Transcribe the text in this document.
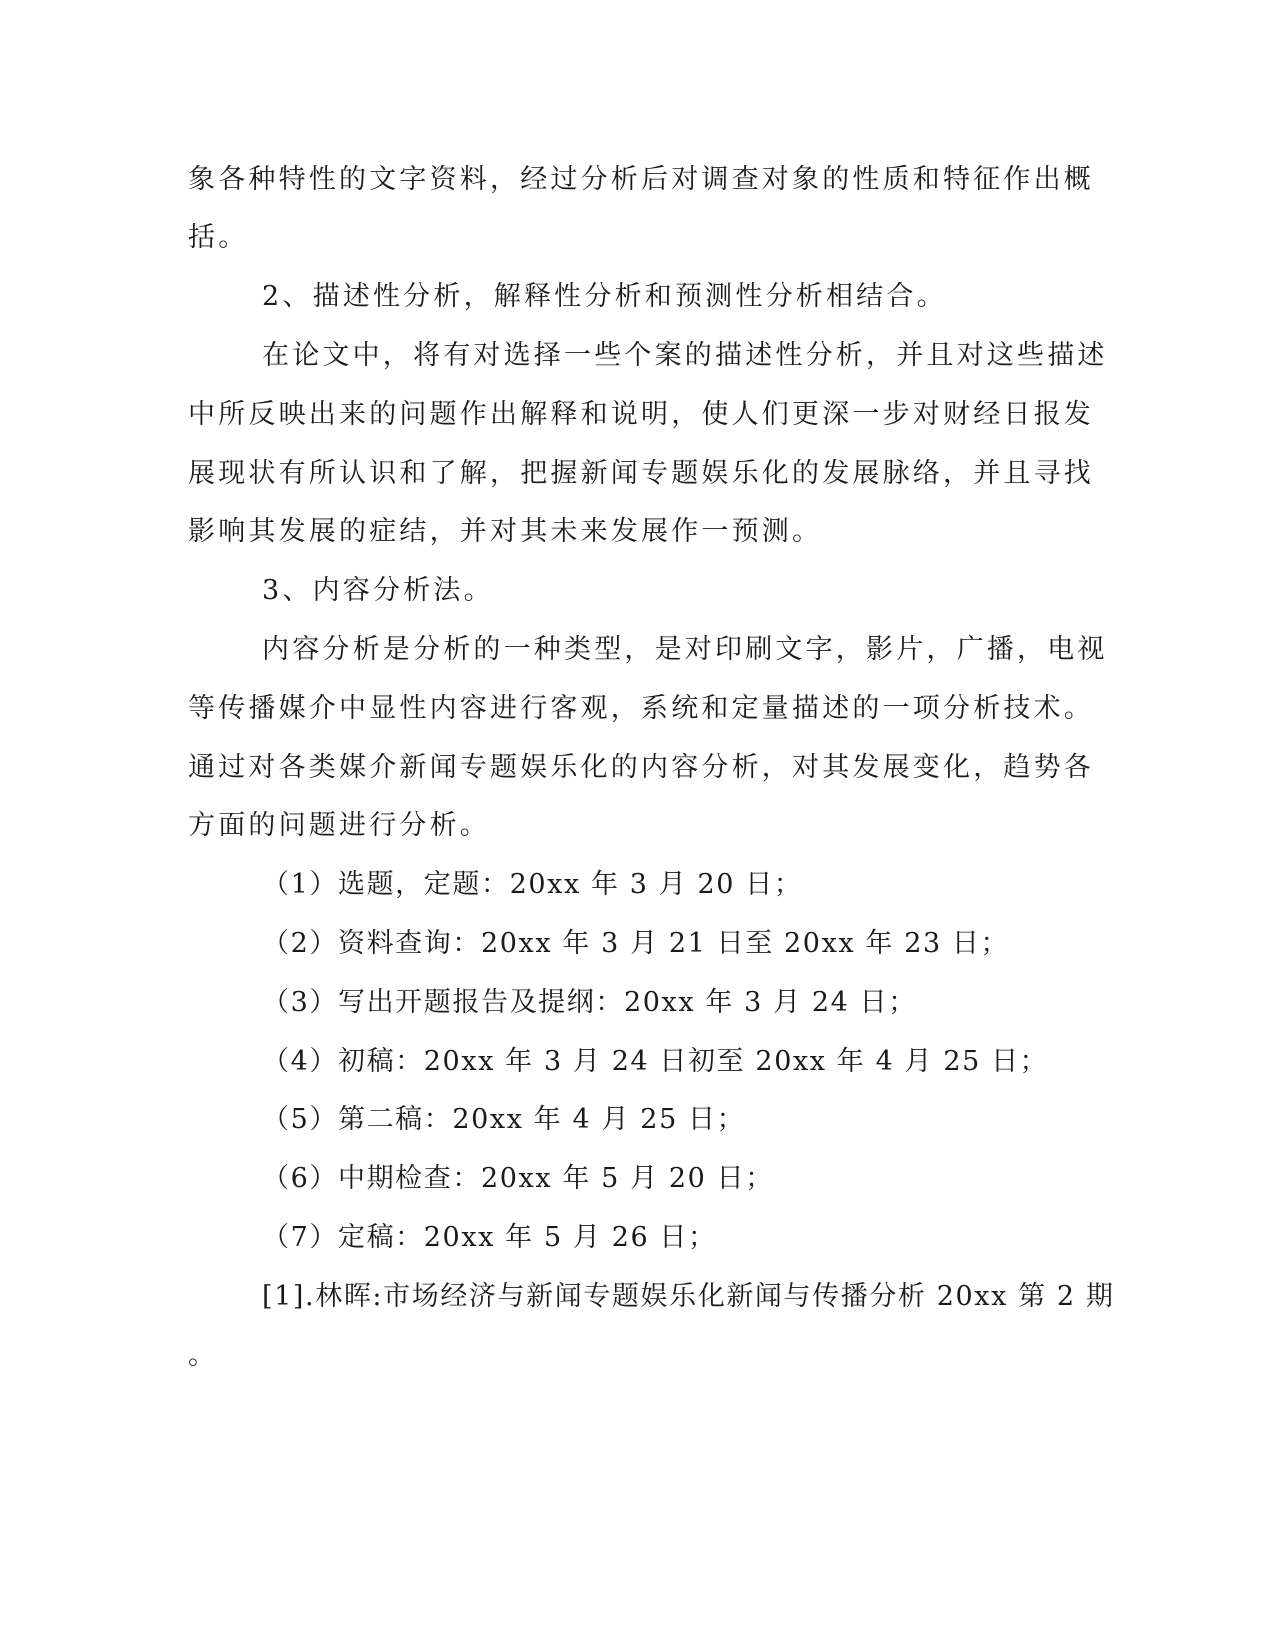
象各种特性的文字资料，经过分析后对调查对象的性质和特征作出概
括。
2、描述性分析，解释性分析和预测性分析相结合。
在论文中，将有对选择一些个案的描述性分析，并且对这些描述
中所反映出来的问题作出解释和说明，使人们更深一步对财经日报发
展现状有所认识和了解，把握新闻专题娱乐化的发展脉络，并且寻找
影响其发展的症结，并对其未来发展作一预测。
3、内容分析法。
内容分析是分析的一种类型，是对印刷文字，影片，广播，电视
等传播媒介中显性内容进行客观，系统和定量描述的一项分析技术。
通过对各类媒介新闻专题娱乐化的内容分析，对其发展变化，趋势各
方面的问题进行分析。
（1）选题，定题：20xx 年 3 月 20 日；
（2）资料查询：20xx 年 3 月 21 日至 20xx 年 23 日；
（3）写出开题报告及提纲：20xx 年 3 月 24 日；
（4）初稿：20xx 年 3 月 24 日初至 20xx 年 4 月 25 日；
（5）第二稿：20xx 年 4 月 25 日；
（6）中期检查：20xx 年 5 月 20 日；
（7）定稿：20xx 年 5 月 26 日；
[1].林晖:市场经济与新闻专题娱乐化新闻与传播分析 20xx 第 2 期
。
